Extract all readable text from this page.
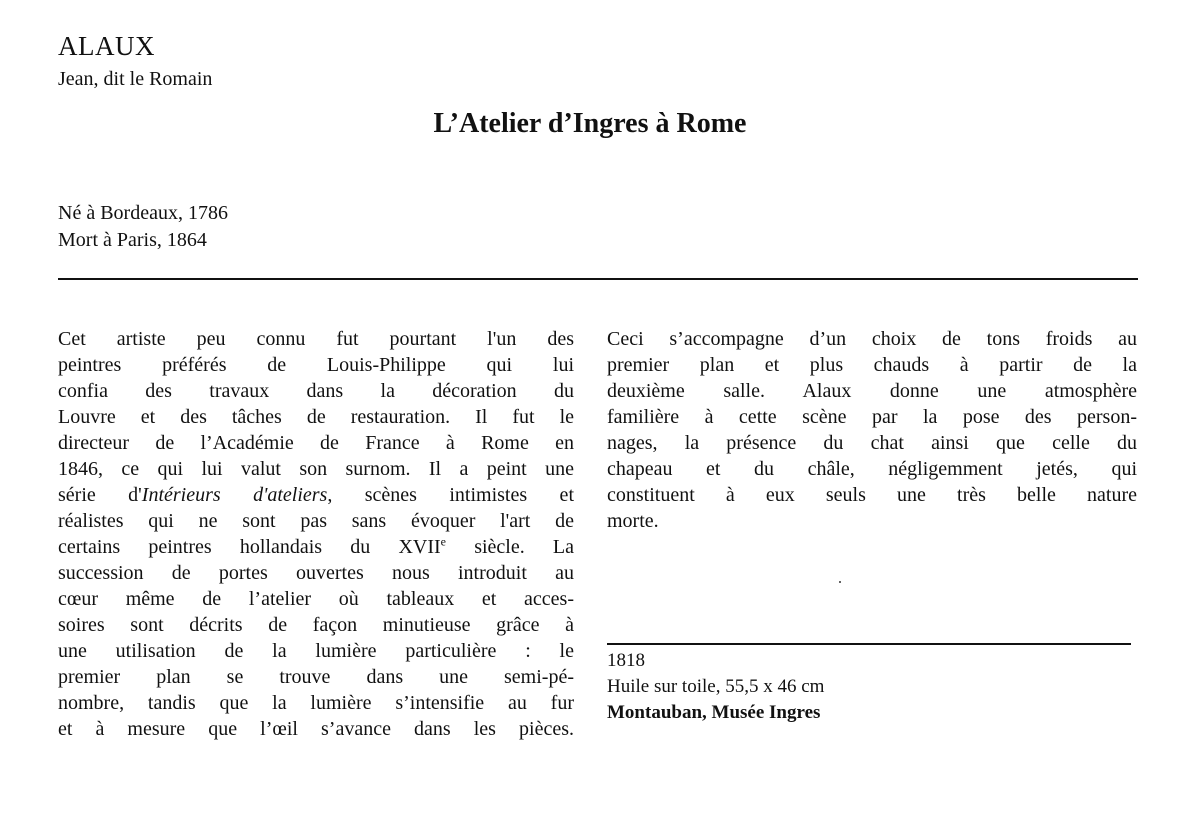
ALAUX
Jean, dit le Romain
L’Atelier d’Ingres à Rome
Né à Bordeaux, 1786
Mort à Paris, 1864
Cet artiste peu connu fut pourtant l'un des
peintres préférés de Louis-Philippe qui lui
confia des travaux dans la décoration du
Louvre et des tâches de restauration. Il fut le
directeur de l’Académie de France à Rome en
1846, ce qui lui valut son surnom. Il a peint une
série d'Intérieurs d'ateliers, scènes intimistes et
réalistes qui ne sont pas sans évoquer l'art de
certains peintres hollandais du XVIIe siècle. La
succession de portes ouvertes nous introduit au
cœur même de l’atelier où tableaux et acces-
soires sont décrits de façon minutieuse grâce à
une utilisation de la lumière particulière : le
premier plan se trouve dans une semi-pé-
nombre, tandis que la lumière s’intensifie au fur
et à mesure que l’œil s’avance dans les pièces.
Ceci s’accompagne d’un choix de tons froids au
premier plan et plus chauds à partir de la
deuxième salle. Alaux donne une atmosphère
familière à cette scène par la pose des person-
nages, la présence du chat ainsi que celle du
chapeau et du châle, négligemment jetés, qui
constituent à eux seuls une très belle nature
morte.
1818
Huile sur toile, 55,5 x 46 cm
Montauban, Musée Ingres
